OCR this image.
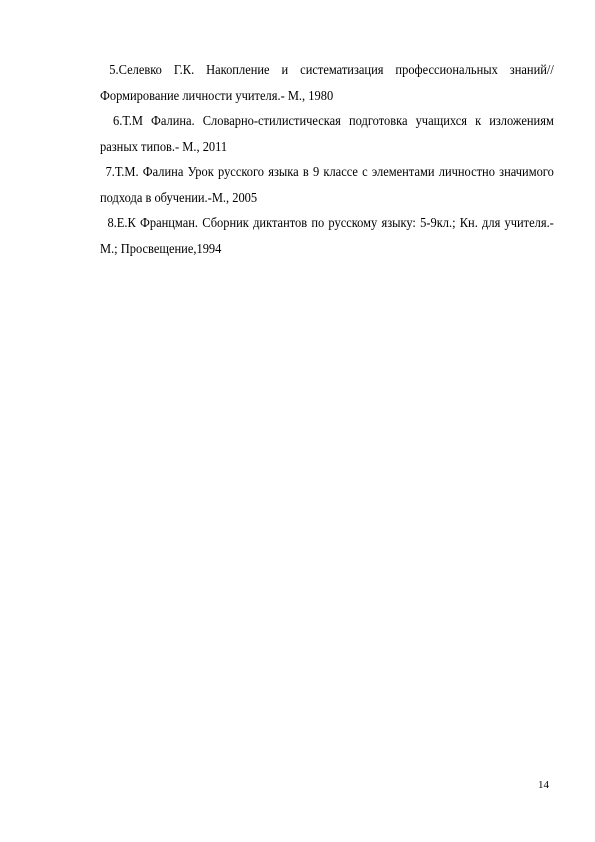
5.Селевко Г.К. Накопление и систематизация профессиональных знаний// Формирование личности учителя.- М., 1980

6.Т.М Фалина. Словарно-стилистическая подготовка учащихся к изложениям разных типов.- М., 2011

7.Т.М. Фалина Урок русского языка в 9 классе с элементами личностно значимого подхода в обучении.-М., 2005

8.Е.К Францман. Сборник диктантов по русскому языку: 5-9кл.; Кн. для учителя.- М.; Просвещение,1994

14
